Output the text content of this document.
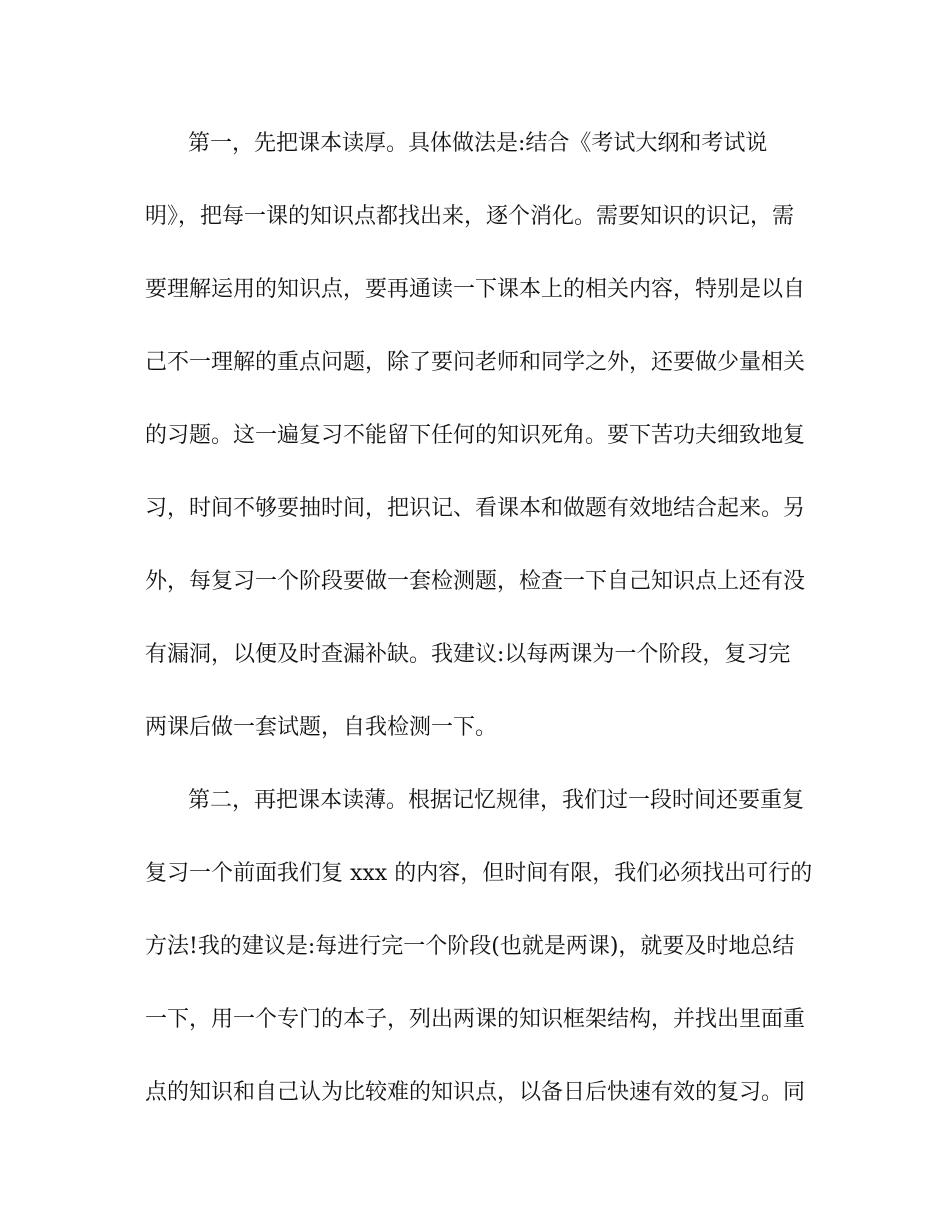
第一，先把课本读厚。具体做法是:结合《考试大纲和考试说
明》，把每一课的知识点都找出来，逐个消化。需要知识的识记，需
要理解运用的知识点，要再通读一下课本上的相关内容，特别是以自
己不一理解的重点问题，除了要问老师和同学之外，还要做少量相关
的习题。这一遍复习不能留下任何的知识死角。要下苦功夫细致地复
习，时间不够要抽时间，把识记、看课本和做题有效地结合起来。另
外，每复习一个阶段要做一套检测题，检查一下自己知识点上还有没
有漏洞，以便及时查漏补缺。我建议:以每两课为一个阶段，复习完
两课后做一套试题，自我检测一下。
第二，再把课本读薄。根据记忆规律，我们过一段时间还要重复
复习一个前面我们复 xxx 的内容，但时间有限，我们必须找出可行的
方法!我的建议是:每进行完一个阶段(也就是两课)，就要及时地总结
一下，用一个专门的本子，列出两课的知识框架结构，并找出里面重
点的知识和自己认为比较难的知识点，以备日后快速有效的复习。同
